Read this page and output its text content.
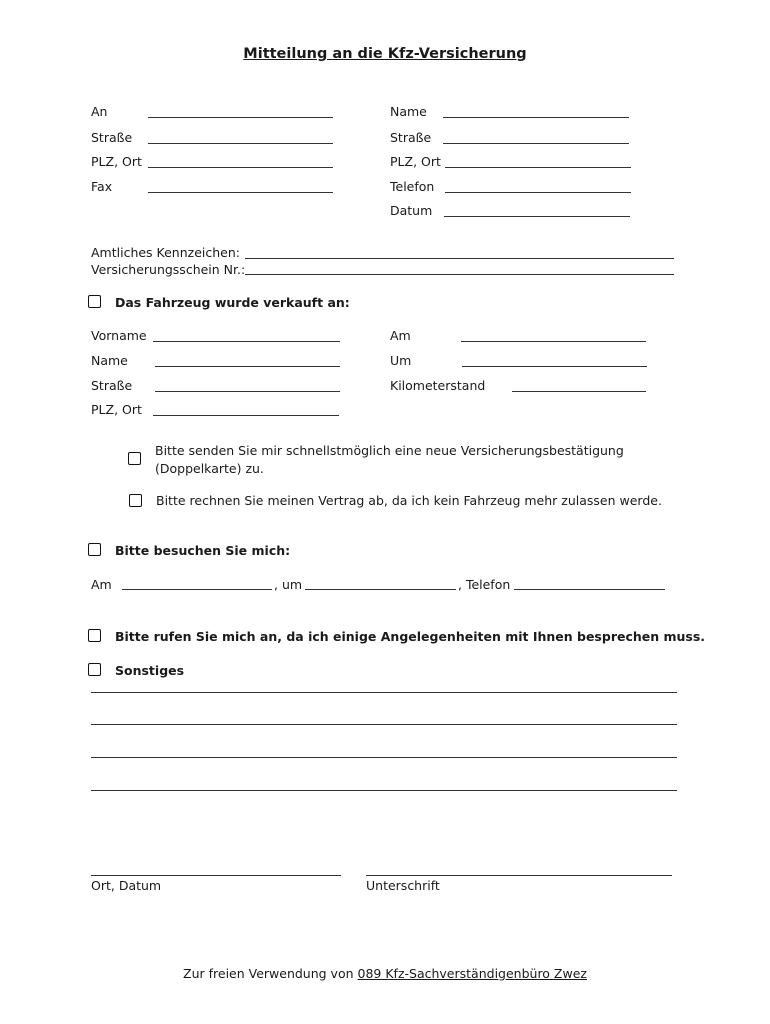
Mitteilung an die Kfz-Versicherung
An
Straße
PLZ, Ort
Fax
Name
Straße
PLZ, Ort
Telefon
Datum
Amtliches Kennzeichen:
Versicherungsschein Nr.:
Das Fahrzeug wurde verkauft an:
Vorname
Name
Straße
PLZ, Ort
Am
Um
Kilometerstand
Bitte senden Sie mir schnellstmöglich eine neue Versicherungsbestätigung
(Doppelkarte) zu.
Bitte rechnen Sie meinen Vertrag ab, da ich kein Fahrzeug mehr zulassen werde.
Bitte besuchen Sie mich:
Am	, um	, Telefon
Bitte rufen Sie mich an, da ich einige Angelegenheiten mit Ihnen besprechen muss.
Sonstiges
Ort, Datum	Unterschrift
Zur freien Verwendung von 089 Kfz-Sachverständigenbüro Zwez
